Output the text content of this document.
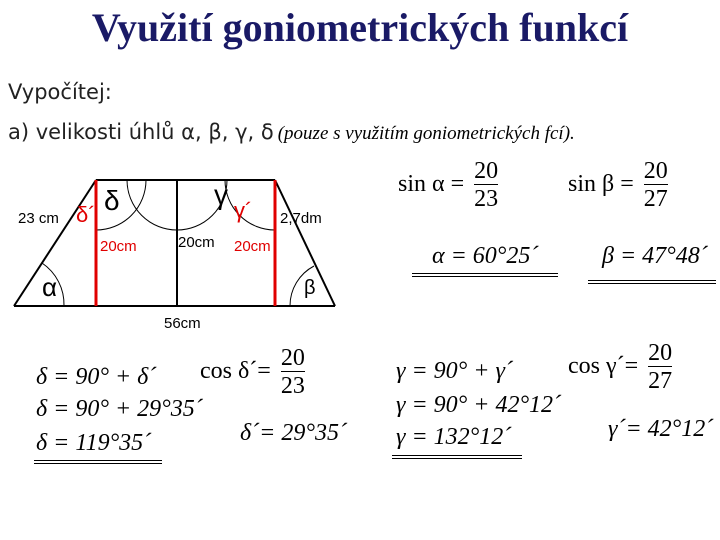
Využití goniometrických funkcí
Vypočítej:
a) velikosti úhlů α, β, γ, δ (pouze s využitím goniometrických fcí).
23 cm	2,7dm
20cm	20cm 20cm
56cm
α	β
γ
δ
δ´	γ´
$\sin \alpha = \frac{20}{23}$	$\sin \beta = \frac{20}{27}$
α = 60°25´	β = 47°48´
δ = 90° + δ´
δ = 90° + 29°35´
δ = 119°35´
cos δ´= $\frac{20}{23}$
δ´= 29°35´
γ = 90° + γ´
γ = 90° + 42°12´
γ = 132°12´
cos γ´= $\frac{20}{27}$
γ´= 42°12´
